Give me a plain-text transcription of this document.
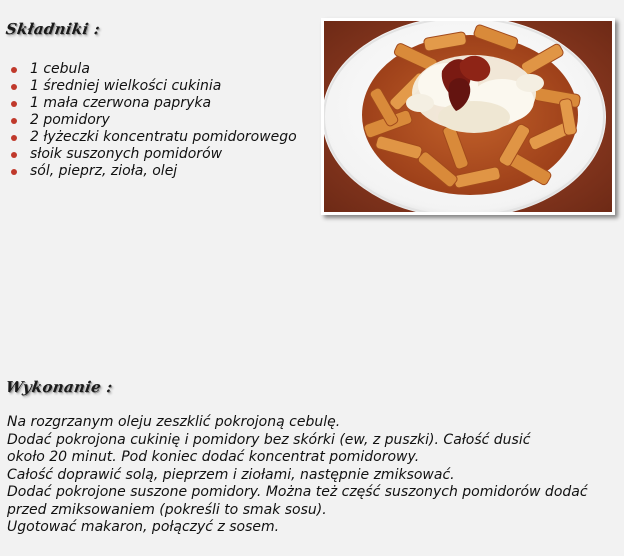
Składniki :
1 cebula
1 średniej wielkości cukinia
1 mała czerwona papryka
2 pomidory
2 łyżeczki koncentratu pomidorowego
słoik suszonych pomidorów
sól, pieprz, zioła, olej
Wykonanie :

Na rozgrzanym oleju zeszklić pokrojoną cebulę.

Dodać pokrojona cukinię i pomidory bez skórki (ew, z puszki). Całość dusić
około 20 minut. Pod koniec dodać koncentrat pomidorowy.

Całość doprawić solą, pieprzem i ziołami, następnie zmiksować.

Dodać pokrojone suszone pomidory. Można też część suszonych pomidorów dodać
przed zmiksowaniem (pokreśli to smak sosu).

Ugotować makaron, połączyć z sosem.
